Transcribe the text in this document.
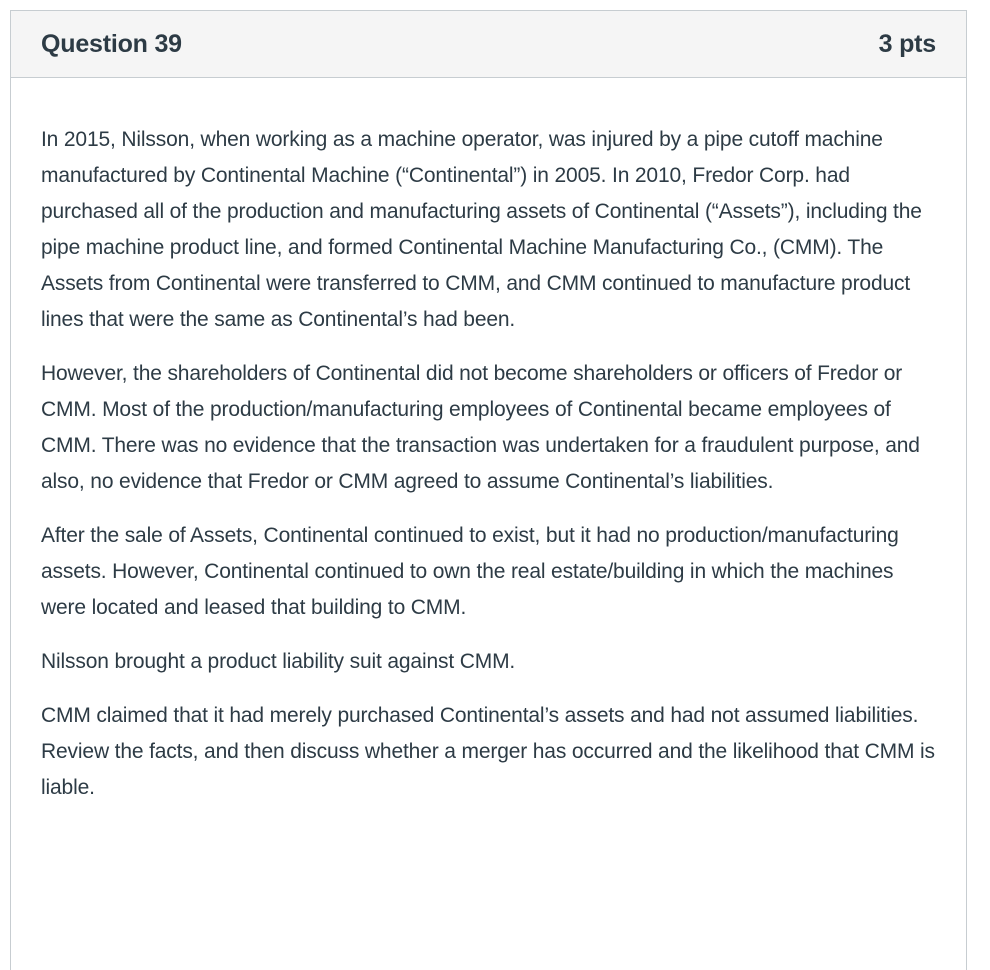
Question 39	3 pts

In 2015, Nilsson, when working as a machine operator, was injured by a pipe cutoff machine manufactured by Continental Machine (“Continental”) in 2005. In 2010, Fredor Corp. had purchased all of the production and manufacturing assets of Continental (“Assets”), including the pipe machine product line, and formed Continental Machine Manufacturing Co., (CMM). The Assets from Continental were transferred to CMM, and CMM continued to manufacture product lines that were the same as Continental’s had been.

However, the shareholders of Continental did not become shareholders or officers of Fredor or CMM. Most of the production/manufacturing employees of Continental became employees of CMM. There was no evidence that the transaction was undertaken for a fraudulent purpose, and also, no evidence that Fredor or CMM agreed to assume Continental’s liabilities.

After the sale of Assets, Continental continued to exist, but it had no production/manufacturing assets. However, Continental continued to own the real estate/building in which the machines were located and leased that building to CMM.

Nilsson brought a product liability suit against CMM.

CMM claimed that it had merely purchased Continental’s assets and had not assumed liabilities. Review the facts, and then discuss whether a merger has occurred and the likelihood that CMM is liable.
